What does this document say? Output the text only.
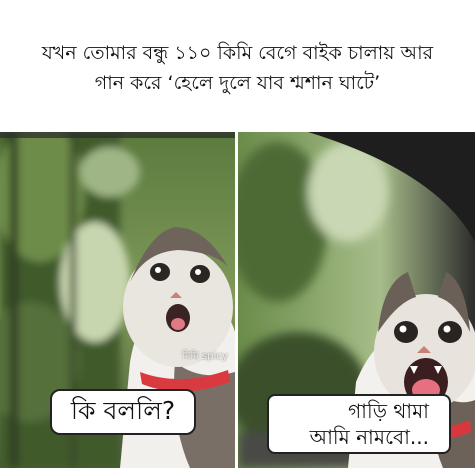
যখন তোমার বন্ধু ১১০ কিমি বেগে বাইক চালায় আর
গান করে ‘হেলে দুলে যাব শ্মশান ঘাটে’
মিমি spicy
কি বললি?	গাড়ি থামা
আমি নামবো...
